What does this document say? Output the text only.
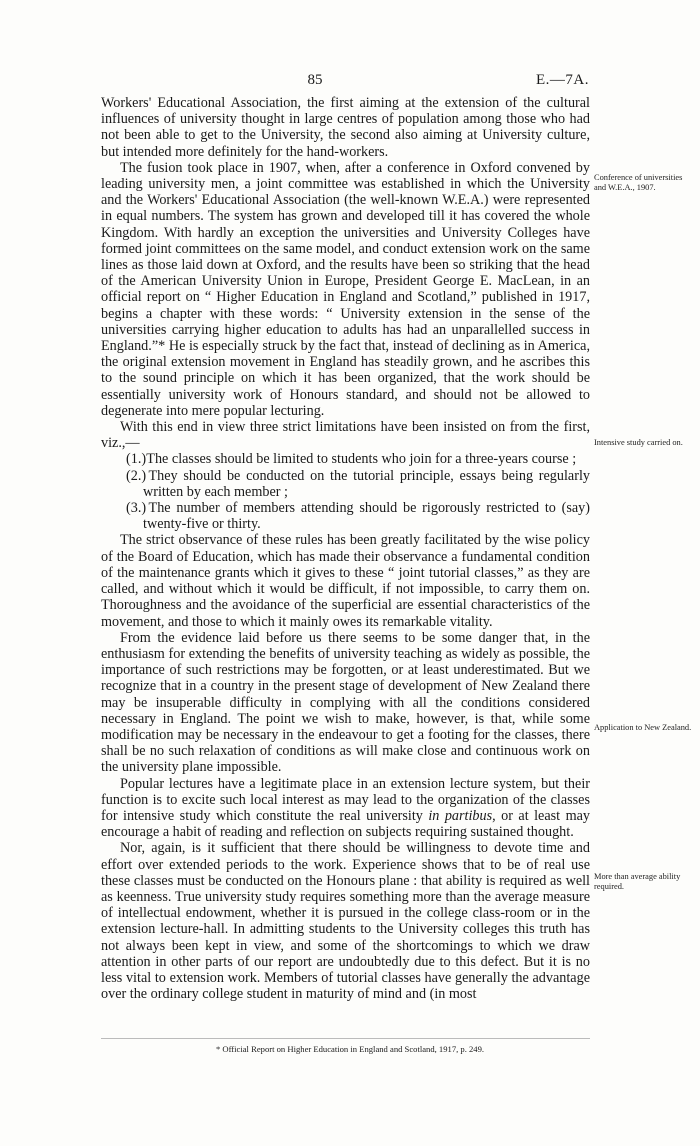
85	E.—7A.

Workers' Educational Association, the first aiming at the extension of the cultural influences of university thought in large centres of population among those who had not been able to get to the University, the second also aiming at University culture, but intended more definitely for the hand-workers.

The fusion took place in 1907, when, after a conference in Oxford convened by leading university men, a joint committee was established in which the University and the Workers' Educational Association (the well-known W.E.A.) were represented in equal numbers. The system has grown and developed till it has covered the whole Kingdom. With hardly an exception the universities and University Colleges have formed joint committees on the same model, and conduct extension work on the same lines as those laid down at Oxford, and the results have been so striking that the head of the American University Union in Europe, President George E. MacLean, in an official report on “ Higher Education in England and Scotland,” published in 1917, begins a chapter with these words: “ University extension in the sense of the universities carrying higher education to adults has had an unparallelled success in England.”* He is especially struck by the fact that, instead of declining as in America, the original extension movement in England has steadily grown, and he ascribes this to the sound principle on which it has been organized, that the work should be essentially university work of Honours standard, and should not be allowed to degenerate into mere popular lecturing.

With this end in view three strict limitations have been insisted on from the first, viz.,—

(1.) The classes should be limited to students who join for a three-years course ;
(2.) They should be conducted on the tutorial principle, essays being regularly written by each member ;
(3.) The number of members attending should be rigorously restricted to (say) twenty-five or thirty.

The strict observance of these rules has been greatly facilitated by the wise policy of the Board of Education, which has made their observance a fundamental condition of the maintenance grants which it gives to these “ joint tutorial classes,” as they are called, and without which it would be difficult, if not impossible, to carry them on. Thoroughness and the avoidance of the superficial are essential characteristics of the movement, and those to which it mainly owes its remarkable vitality.

From the evidence laid before us there seems to be some danger that, in the enthusiasm for extending the benefits of university teaching as widely as possible, the importance of such restrictions may be forgotten, or at least underestimated. But we recognize that in a country in the present stage of development of New Zealand there may be insuperable difficulty in complying with all the conditions considered necessary in England. The point we wish to make, however, is that, while some modification may be necessary in the endeavour to get a footing for the classes, there shall be no such relaxation of conditions as will make close and continuous work on the university plane impossible.

Popular lectures have a legitimate place in an extension lecture system, but their function is to excite such local interest as may lead to the organization of the classes for intensive study which constitute the real university in partibus, or at least may encourage a habit of reading and reflection on subjects requiring sustained thought.

Nor, again, is it sufficient that there should be willingness to devote time and effort over extended periods to the work. Experience shows that to be of real use these classes must be conducted on the Honours plane : that ability is required as well as keenness. True university study requires something more than the average measure of intellectual endowment, whether it is pursued in the college class-room or in the extension lecture-hall. In admitting students to the University colleges this truth has not always been kept in view, and some of the shortcomings to which we draw attention in other parts of our report are undoubtedly due to this defect. But it is no less vital to extension work. Members of tutorial classes have generally the advantage over the ordinary college student in maturity of mind and (in most

Conference of universities and W.E.A., 1907.
Intensive study carried on.
Application to New Zealand.
More than average ability required.
* Official Report on Higher Education in England and Scotland, 1917, p. 249.
